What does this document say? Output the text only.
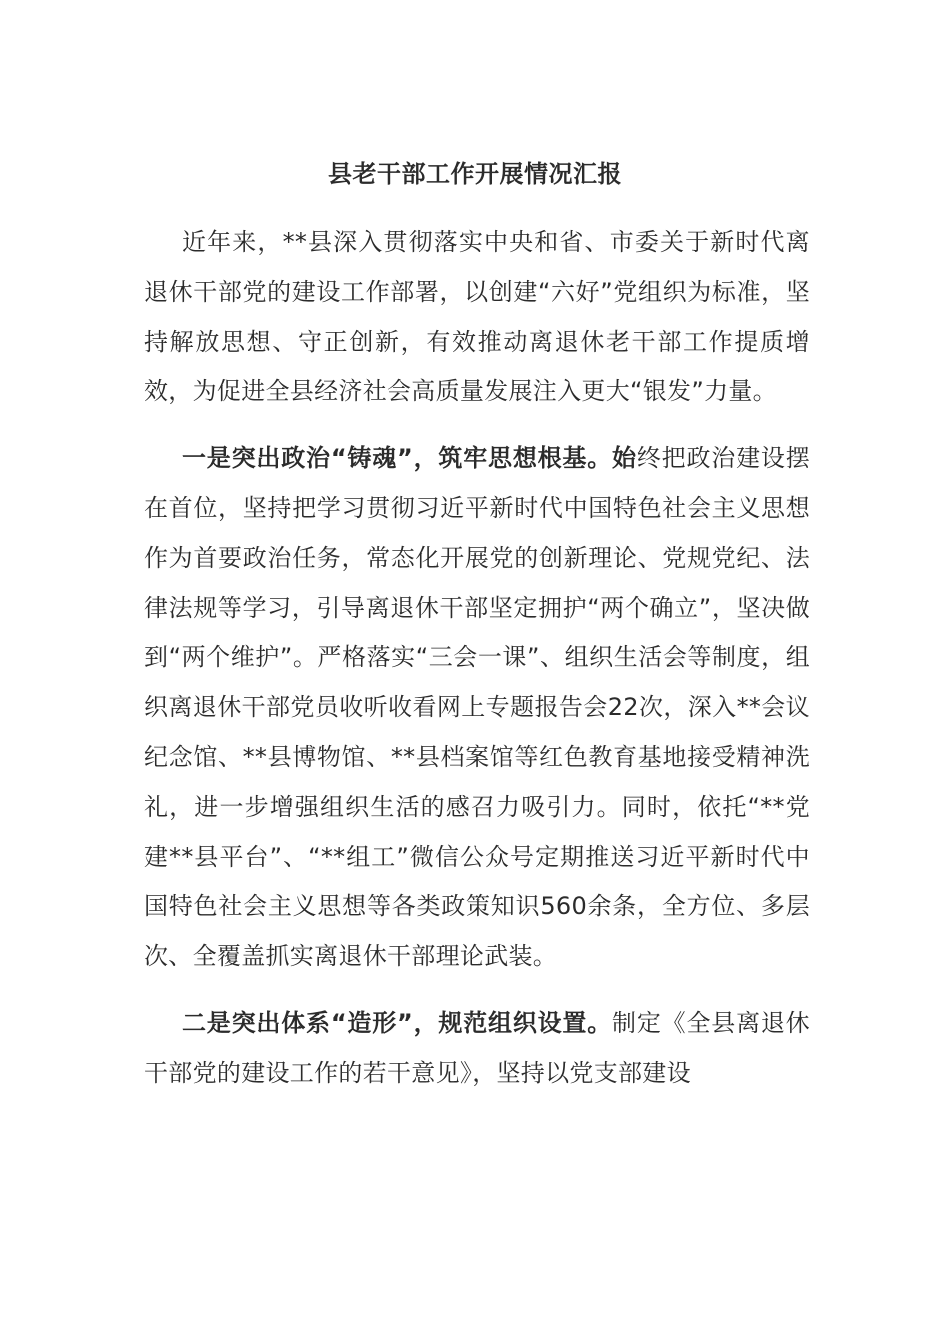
县老干部工作开展情况汇报

近年来，**县深入贯彻落实中央和省、市委关于新时代离退休干部党的建设工作部署，以创建“六好”党组织为标准，坚持解放思想、守正创新，有效推动离退休老干部工作提质增效，为促进全县经济社会高质量发展注入更大“银发”力量。

一是突出政治“铸魂”，筑牢思想根基。始终把政治建设摆在首位，坚持把学习贯彻习近平新时代中国特色社会主义思想作为首要政治任务，常态化开展党的创新理论、党规党纪、法律法规等学习，引导离退休干部坚定拥护“两个确立”，坚决做到“两个维护”。严格落实“三会一课”、组织生活会等制度，组织离退休干部党员收听收看网上专题报告会22次，深入**会议纪念馆、**县博物馆、**县档案馆等红色教育基地接受精神洗礼，进一步增强组织生活的感召力吸引力。同时，依托“**党建**县平台”、“**组工”微信公众号定期推送习近平新时代中国特色社会主义思想等各类政策知识560余条，全方位、多层次、全覆盖抓实离退休干部理论武装。

二是突出体系“造形”，规范组织设置。制定《全县离退休干部党的建设工作的若干意见》，坚持以党支部建设
